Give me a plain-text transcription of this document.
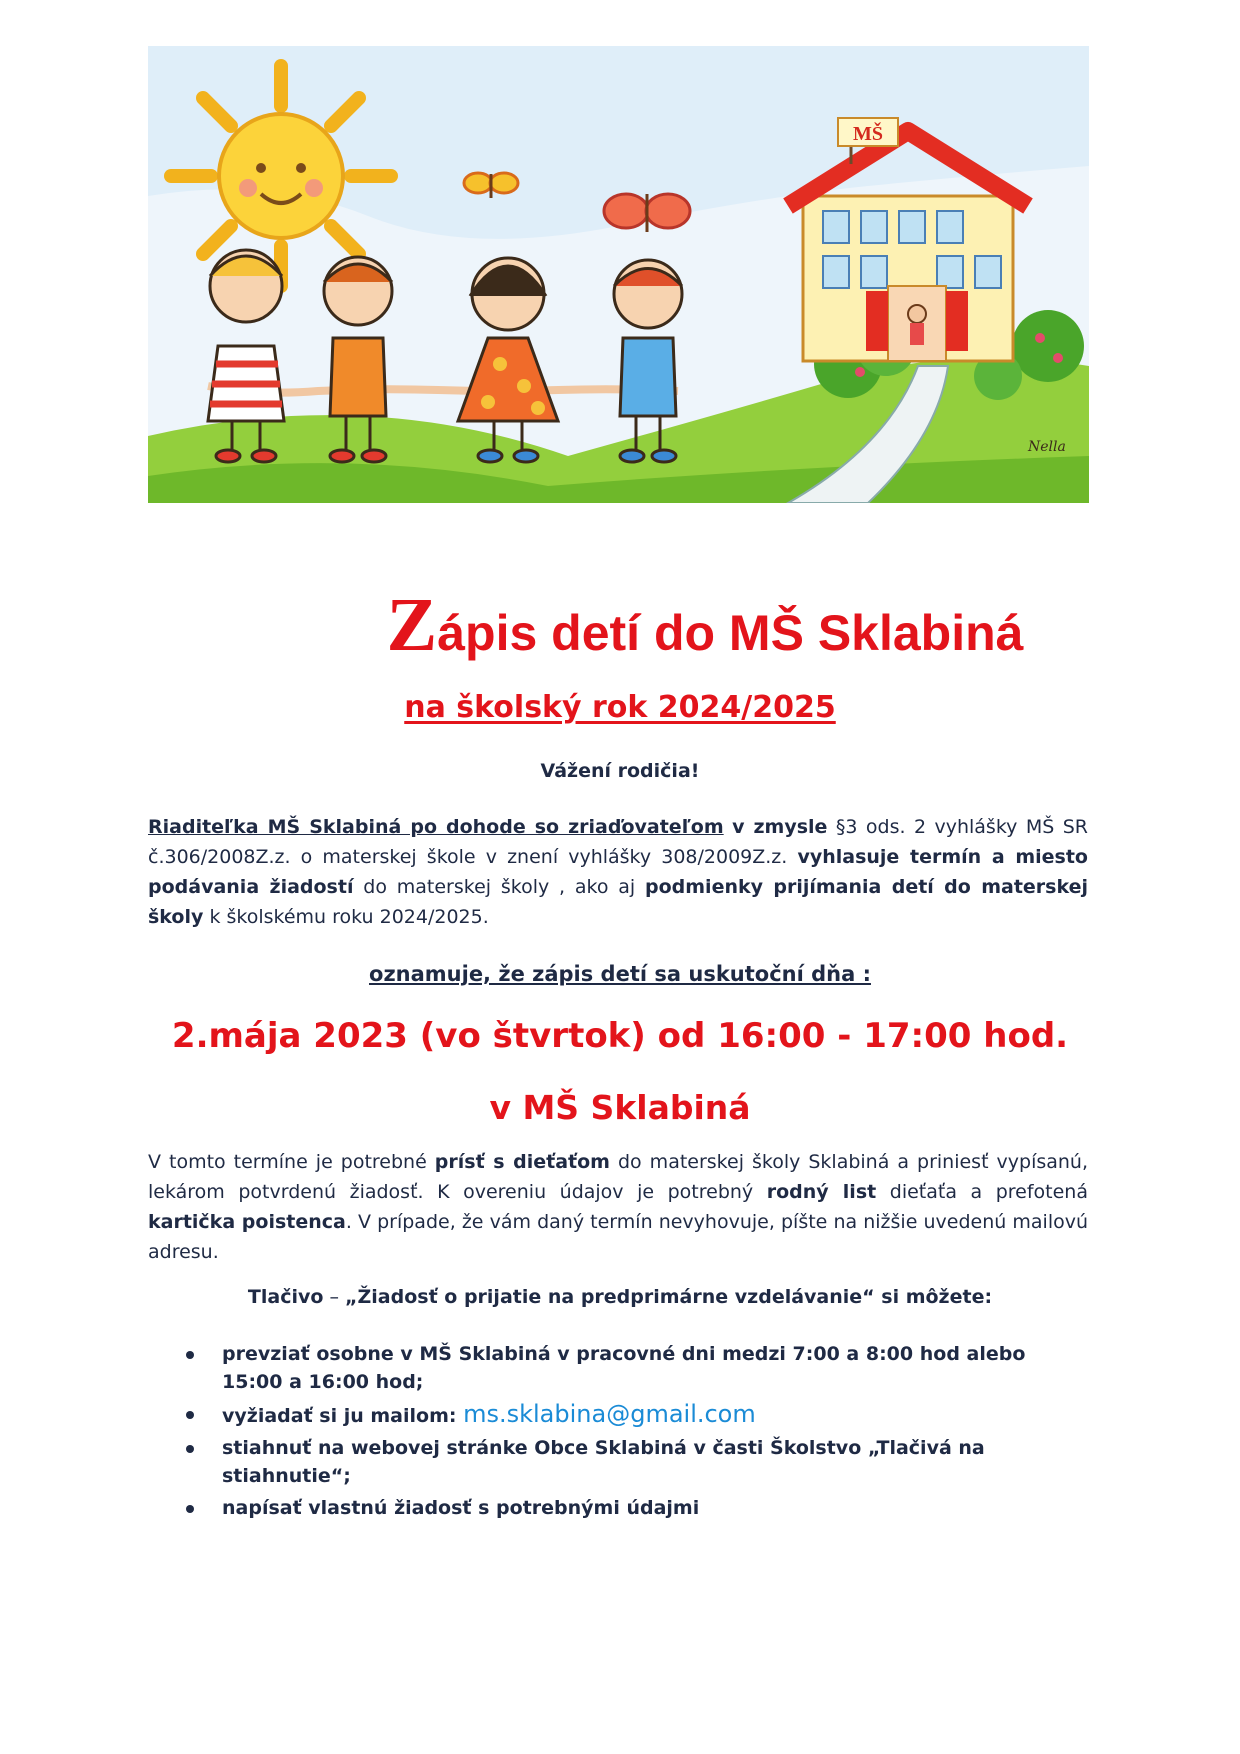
MŠ
Nella
Zápis detí do MŠ Sklabiná
na školský rok 2024/2025
Vážení rodičia!
Riaditeľka MŠ Sklabiná po dohode so zriaďovateľom v zmysle §3 ods. 2 vyhlášky MŠ SR č.306/2008Z.z. o materskej škole v znení vyhlášky 308/2009Z.z. vyhlasuje termín a miesto podávania žiadostí do materskej školy , ako aj podmienky prijímania detí do materskej školy k školskému roku 2024/2025.
oznamuje, že zápis detí sa uskutoční dňa :
2.mája 2023 (vo štvrtok) od 16:00 - 17:00 hod.
v MŠ Sklabiná
V tomto termíne je potrebné prísť s dieťaťom do materskej školy Sklabiná a priniesť vypísanú, lekárom potvrdenú žiadosť. K overeniu údajov je potrebný rodný list dieťaťa a prefotená kartička poistenca. V prípade, že vám daný termín nevyhovuje, píšte na nižšie uvedenú mailovú adresu.
Tlačivo – „Žiadosť o prijatie na predprimárne vzdelávanie“ si môžete:
prevziať osobne v MŠ Sklabiná v pracovné dni medzi 7:00 a 8:00 hod alebo 15:00 a 16:00 hod;
vyžiadať si ju mailom: ms.sklabina@gmail.com
stiahnuť na webovej stránke Obce Sklabiná v časti Školstvo „Tlačivá na stiahnutie“;
napísať vlastnú žiadosť s potrebnými údajmi
